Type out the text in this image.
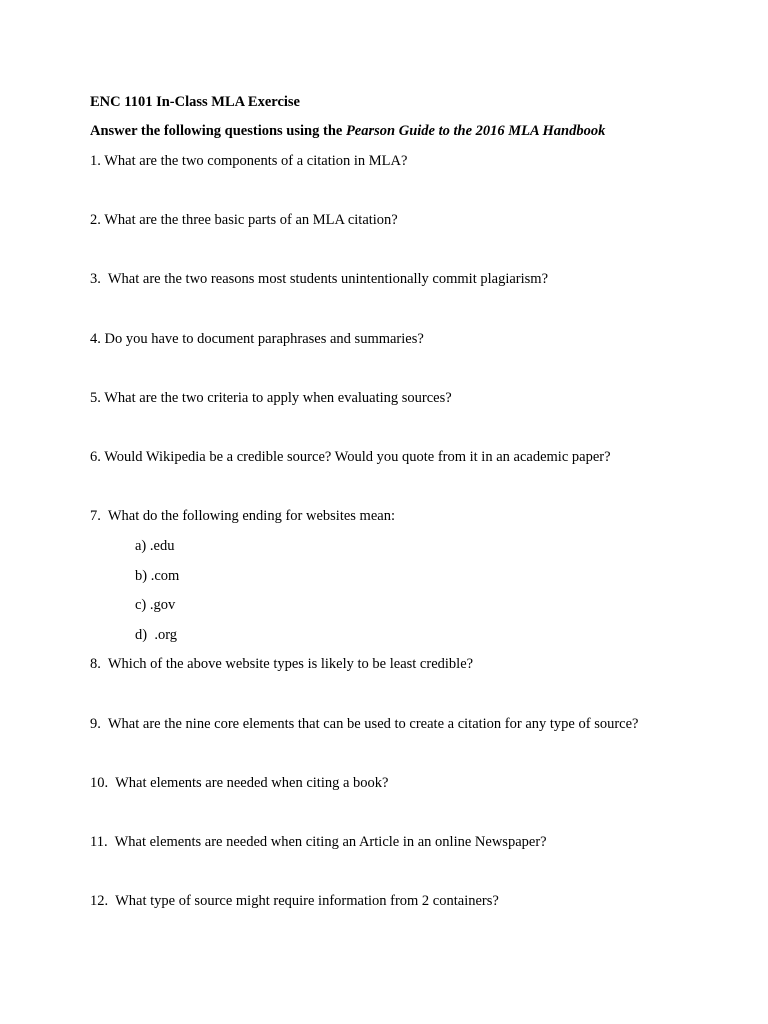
ENC 1101 In-Class MLA Exercise
Answer the following questions using the Pearson Guide to the 2016 MLA Handbook
1. What are the two components of a citation in MLA?
2. What are the three basic parts of an MLA citation?
3.  What are the two reasons most students unintentionally commit plagiarism?
4. Do you have to document paraphrases and summaries?
5. What are the two criteria to apply when evaluating sources?
6. Would Wikipedia be a credible source? Would you quote from it in an academic paper?
7.  What do the following ending for websites mean:
a) .edu
b) .com
c) .gov
d)  .org
8.  Which of the above website types is likely to be least credible?
9.  What are the nine core elements that can be used to create a citation for any type of source?
10.  What elements are needed when citing a book?
11.  What elements are needed when citing an Article in an online Newspaper?
12.  What type of source might require information from 2 containers?
